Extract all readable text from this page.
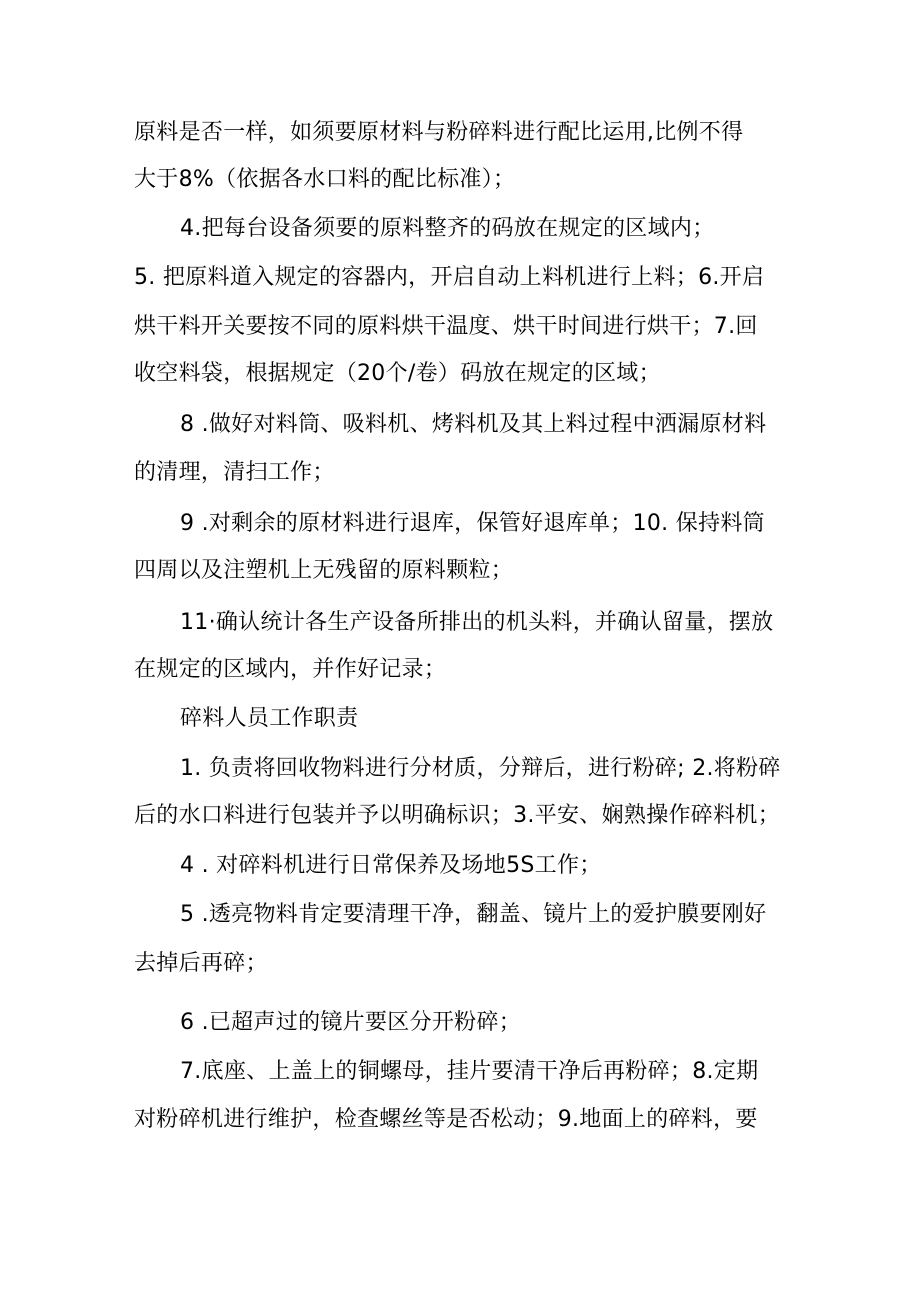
原料是否一样，如须要原材料与粉碎料进行配比运用,比例不得
大于8%（依据各水口料的配比标准）；
4.把每台设备须要的原料整齐的码放在规定的区域内；
5. 把原料道入规定的容器内，开启自动上料机进行上料；6.开启
烘干料开关要按不同的原料烘干温度、烘干时间进行烘干；7.回
收空料袋，根据规定（20个/卷）码放在规定的区域；
8 .做好对料筒、吸料机、烤料机及其上料过程中洒漏原材料
的清理，清扫工作；
9 .对剩余的原材料进行退库，保管好退库单；10. 保持料筒
四周以及注塑机上无残留的原料颗粒；
11·确认统计各生产设备所排出的机头料，并确认留量，摆放
在规定的区域内，并作好记录；
碎料人员工作职责
1. 负责将回收物料进行分材质，分辩后，进行粉碎; 2.将粉碎
后的水口料进行包装并予以明确标识；3.平安、娴熟操作碎料机；
4 . 对碎料机进行日常保养及场地5S工作；
5 .透亮物料肯定要清理干净，翻盖、镜片上的爱护膜要刚好
去掉后再碎；
6 .已超声过的镜片要区分开粉碎；
7.底座、上盖上的铜螺母，挂片要清干净后再粉碎；8.定期
对粉碎机进行维护，检查螺丝等是否松动；9.地面上的碎料，要
